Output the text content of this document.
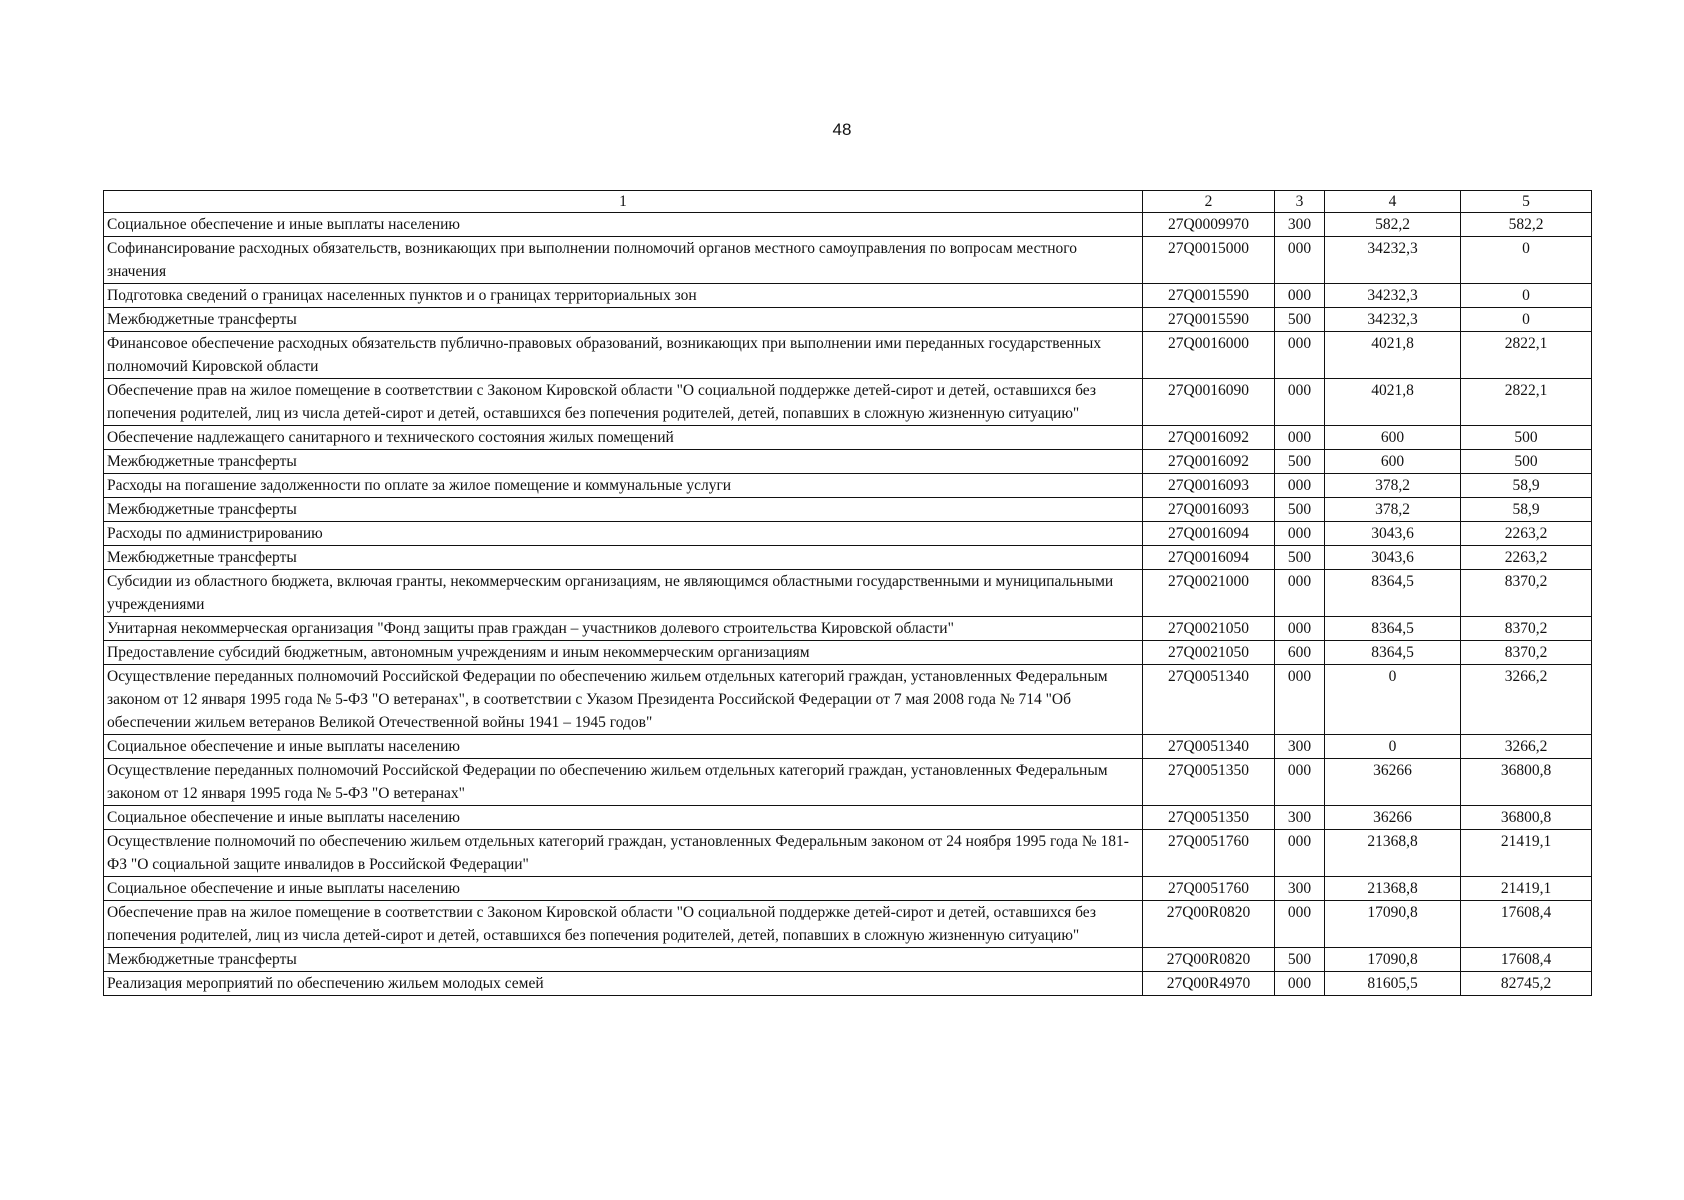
48
1	2	3	4	5
Социальное обеспечение и иные выплаты населению	27Q0009970	300	582,2	582,2
Софинансирование расходных обязательств, возникающих при выполнении полномочий органов местного самоуправления по вопросам местного значения	27Q0015000	000	34232,3	0
Подготовка сведений о границах населенных пунктов и о границах территориальных зон	27Q0015590	000	34232,3	0
Межбюджетные трансферты	27Q0015590	500	34232,3	0
Финансовое обеспечение расходных обязательств публично-правовых образований, возникающих при выполнении ими переданных государственных полномочий Кировской области	27Q0016000	000	4021,8	2822,1
Обеспечение прав на жилое помещение в соответствии с Законом Кировской области "О социальной поддержке детей-сирот и детей, оставшихся без попечения родителей, лиц из числа детей-сирот и детей, оставшихся без попечения родителей, детей, попавших в сложную жизненную ситуацию"	27Q0016090	000	4021,8	2822,1
Обеспечение надлежащего санитарного и технического состояния жилых помещений	27Q0016092	000	600	500
Межбюджетные трансферты	27Q0016092	500	600	500
Расходы на погашение задолженности по оплате за жилое помещение и коммунальные услуги	27Q0016093	000	378,2	58,9
Межбюджетные трансферты	27Q0016093	500	378,2	58,9
Расходы по администрированию	27Q0016094	000	3043,6	2263,2
Межбюджетные трансферты	27Q0016094	500	3043,6	2263,2
Субсидии из областного бюджета, включая гранты, некоммерческим организациям, не являющимся областными государственными и муниципальными учреждениями	27Q0021000	000	8364,5	8370,2
Унитарная некоммерческая организация "Фонд защиты прав граждан – участников долевого строительства Кировской области"	27Q0021050	000	8364,5	8370,2
Предоставление субсидий бюджетным, автономным учреждениям и иным некоммерческим организациям	27Q0021050	600	8364,5	8370,2
Осуществление переданных полномочий Российской Федерации по обеспечению жильем отдельных категорий граждан, установленных Федеральным законом от 12 января 1995 года № 5-ФЗ "О ветеранах", в соответствии с Указом Президента Российской Федерации от 7 мая 2008 года № 714 "Об обеспечении жильем ветеранов Великой Отечественной войны 1941 – 1945 годов"	27Q0051340	000	0	3266,2
Социальное обеспечение и иные выплаты населению	27Q0051340	300	0	3266,2
Осуществление переданных полномочий Российской Федерации по обеспечению жильем отдельных категорий граждан, установленных Федеральным законом от 12 января 1995 года № 5-ФЗ "О ветеранах"	27Q0051350	000	36266	36800,8
Социальное обеспечение и иные выплаты населению	27Q0051350	300	36266	36800,8
Осуществление полномочий по обеспечению жильем отдельных категорий граждан, установленных Федеральным законом от 24 ноября 1995 года № 181-ФЗ "О социальной защите инвалидов в Российской Федерации"	27Q0051760	000	21368,8	21419,1
Социальное обеспечение и иные выплаты населению	27Q0051760	300	21368,8	21419,1
Обеспечение прав на жилое помещение в соответствии с Законом Кировской области "О социальной поддержке детей-сирот и детей, оставшихся без попечения родителей, лиц из числа детей-сирот и детей, оставшихся без попечения родителей, детей, попавших в сложную жизненную ситуацию"	27Q00R0820	000	17090,8	17608,4
Межбюджетные трансферты	27Q00R0820	500	17090,8	17608,4
Реализация мероприятий по обеспечению жильем молодых семей	27Q00R4970	000	81605,5	82745,2
